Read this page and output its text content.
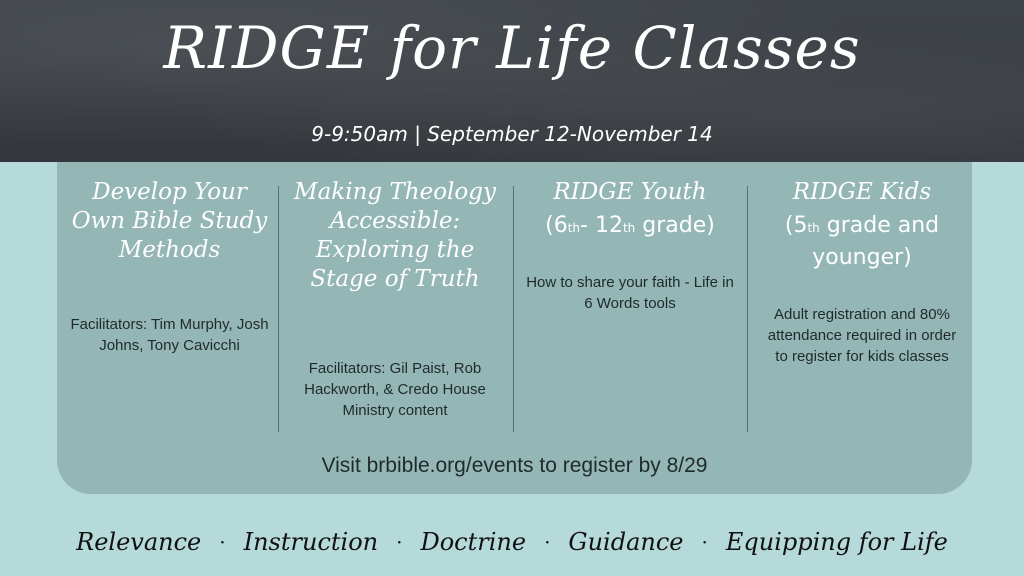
RIDGE for Life Classes
9-9:50am | September 12-November 14
Develop Your Own Bible Study Methods
Facilitators: Tim Murphy, Josh Johns, Tony Cavicchi
Making Theology Accessible: Exploring the Stage of Truth
Facilitators: Gil Paist, Rob Hackworth, & Credo House Ministry content
RIDGE Youth
(6th- 12th grade)
How to share your faith - Life in 6 Words tools
RIDGE Kids
(5th grade and younger)
Adult registration and 80% attendance required in order to register for kids classes
Visit brbible.org/events to register by 8/29
Relevance · Instruction · Doctrine · Guidance · Equipping for Life
